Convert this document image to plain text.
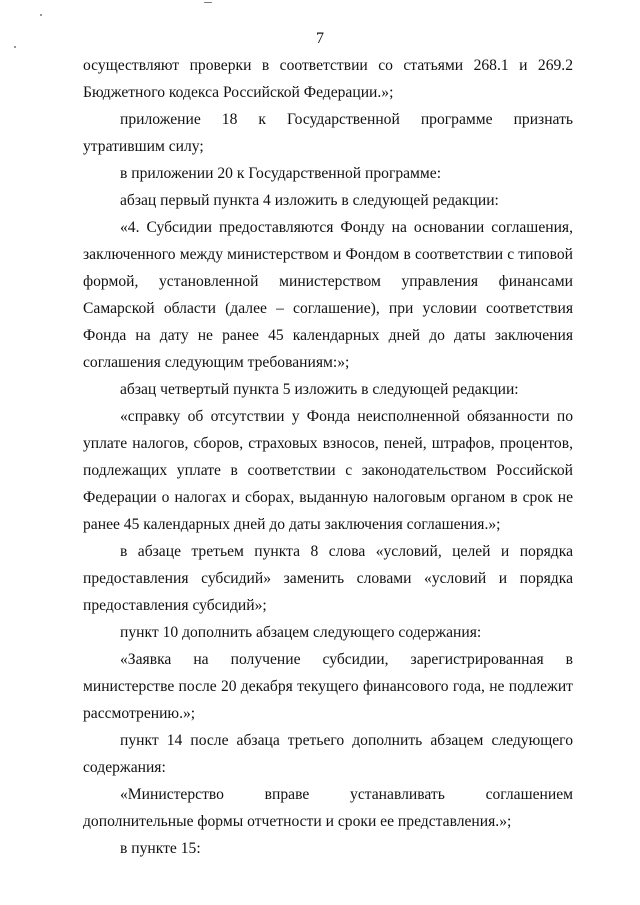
7

осуществляют проверки в соответствии со статьями 268.1 и 269.2 Бюджетного кодекса Российской Федерации.»;

приложение 18 к Государственной программе признать утратившим силу;

в приложении 20 к Государственной программе:

абзац первый пункта 4 изложить в следующей редакции:

«4. Субсидии предоставляются Фонду на основании соглашения, заключенного между министерством и Фондом в соответствии с типовой формой, установленной министерством управления финансами Самарской области (далее – соглашение), при условии соответствия Фонда на дату не ранее 45 календарных дней до даты заключения соглашения следующим требованиям:»;

абзац четвертый пункта 5 изложить в следующей редакции:

«справку об отсутствии у Фонда неисполненной обязанности по уплате налогов, сборов, страховых взносов, пеней, штрафов, процентов, подлежащих уплате в соответствии с законодательством Российской Федерации о налогах и сборах, выданную налоговым органом в срок не ранее 45 календарных дней до даты заключения соглашения.»;

в абзаце третьем пункта 8 слова «условий, целей и порядка предоставления субсидий» заменить словами «условий и порядка предоставления субсидий»;

пункт 10 дополнить абзацем следующего содержания:

«Заявка на получение субсидии, зарегистрированная в министерстве после 20 декабря текущего финансового года, не подлежит рассмотрению.»;

пункт 14 после абзаца третьего дополнить абзацем следующего содержания:

«Министерство вправе устанавливать соглашением дополнительные формы отчетности и сроки ее представления.»;

в пункте 15:
